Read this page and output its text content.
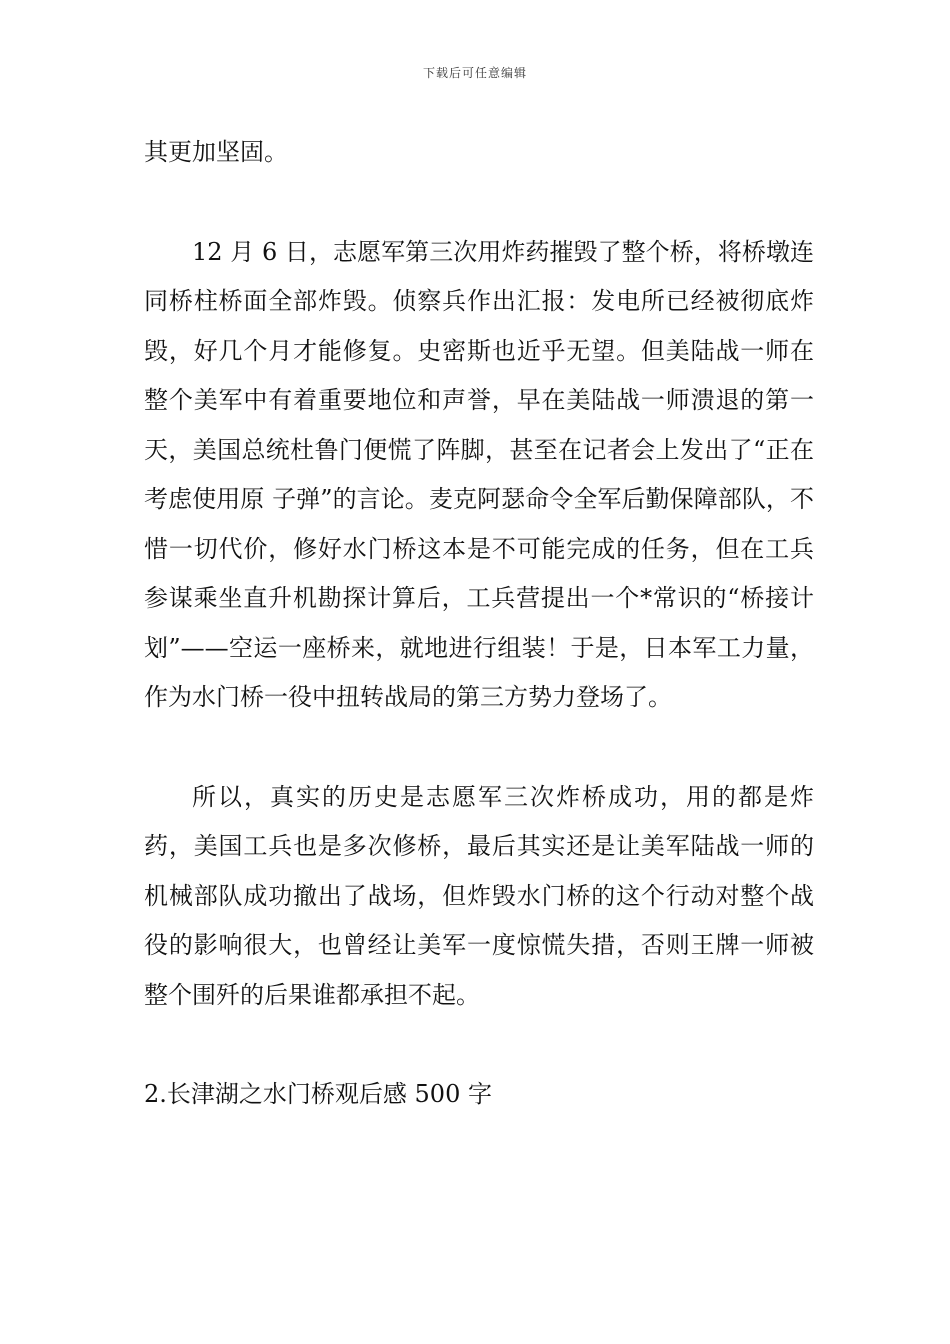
下载后可任意编辑

其更加坚固。

12 月 6 日，志愿军第三次用炸药摧毁了整个桥，将桥墩连同桥柱桥面全部炸毁。侦察兵作出汇报：发电所已经被彻底炸毁，好几个月才能修复。史密斯也近乎无望。但美陆战一师在整个美军中有着重要地位和声誉，早在美陆战一师溃退的第一天，美国总统杜鲁门便慌了阵脚，甚至在记者会上发出了“正在考虑使用原 子弹”的言论。麦克阿瑟命令全军后勤保障部队，不惜一切代价，修好水门桥这本是不可能完成的任务，但在工兵参谋乘坐直升机勘探计算后，工兵营提出一个*常识的“桥接计划”——空运一座桥来，就地进行组装！于是，日本军工力量，作为水门桥一役中扭转战局的第三方势力登场了。

所以，真实的历史是志愿军三次炸桥成功，用的都是炸药，美国工兵也是多次修桥，最后其实还是让美军陆战一师的机械部队成功撤出了战场，但炸毁水门桥的这个行动对整个战役的影响很大，也曾经让美军一度惊慌失措，否则王牌一师被整个围歼的后果谁都承担不起。

2.长津湖之水门桥观后感 500 字
